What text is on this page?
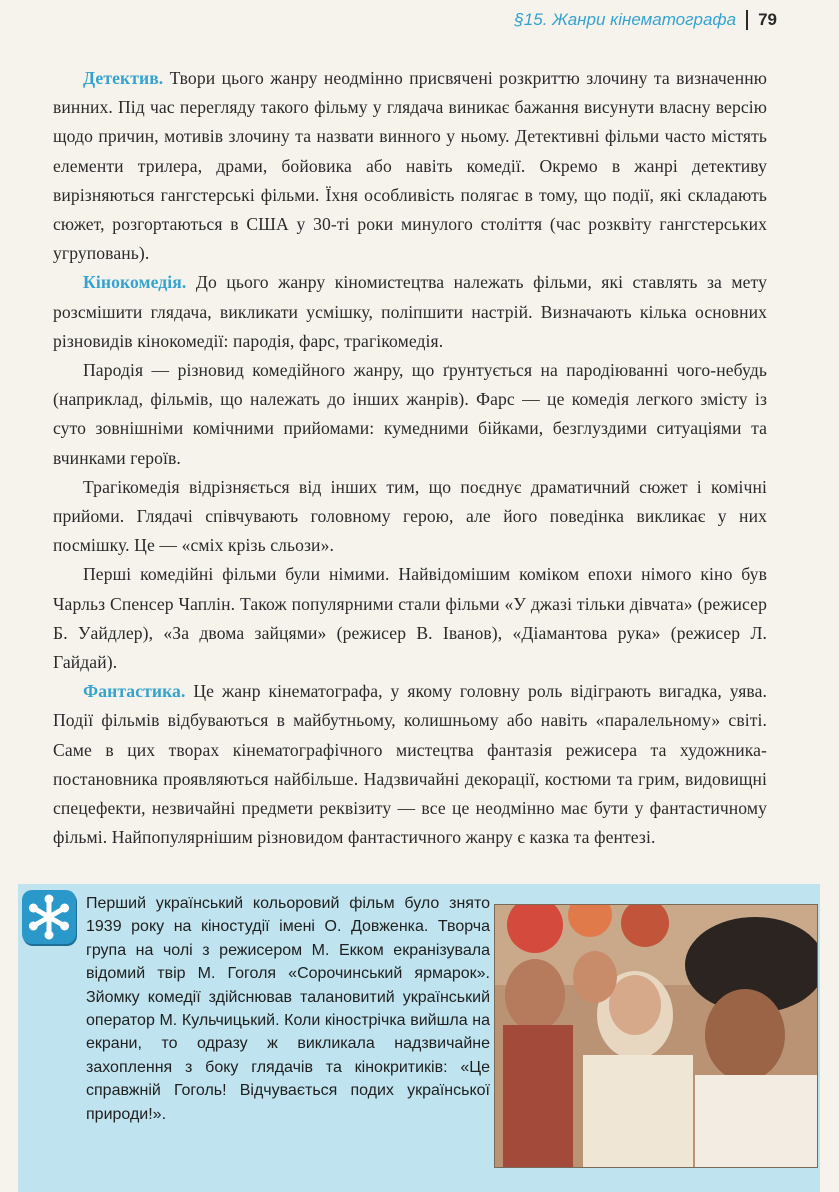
§15. Жанри кінематографа 79

Детектив. Твори цього жанру неодмінно присвячені розкриттю злочину та визначенню винних. Під час перегляду такого фільму у глядача виникає бажання висунути власну версію щодо причин, мотивів злочину та назвати винного у ньому. Детективні фільми часто містять елементи трилера, драми, бойовика або навіть комедії. Окремо в жанрі детективу вирізняються гангстерські фільми. Їхня особливість полягає в тому, що події, які складають сюжет, розгортаються в США у 30-ті роки минулого століття (час розквіту гангстерських угруповань).

Кінокомедія. До цього жанру кіномистецтва належать фільми, які ставлять за мету розсмішити глядача, викликати усмішку, поліпшити настрій. Визначають кілька основних різновидів кінокомедії: пародія, фарс, трагікомедія.

Пародія — різновид комедійного жанру, що ґрунтується на пародіюванні чого-небудь (наприклад, фільмів, що належать до інших жанрів). Фарс — це комедія легкого змісту із суто зовнішніми комічними прийомами: кумедними бійками, безглуздими ситуаціями та вчинками героїв.

Трагікомедія відрізняється від інших тим, що поєднує драматичний сюжет і комічні прийоми. Глядачі співчувають головному герою, але його поведінка викликає у них посмішку. Це — «сміх крізь сльози».

Перші комедійні фільми були німими. Найвідомішим коміком епохи німого кіно був Чарльз Спенсер Чаплін. Також популярними стали фільми «У джазі тільки дівчата» (режисер Б. Уайдлер), «За двома зайцями» (режисер В. Іванов), «Діамантова рука» (режисер Л. Гайдай).

Фантастика. Це жанр кінематографа, у якому головну роль відіграють вигадка, уява. Події фільмів відбуваються в майбутньому, колишньому або навіть «паралельному» світі. Саме в цих творах кінематографічного мистецтва фантазія режисера та художника-постановника проявляються найбільше. Надзвичайні декорації, костюми та грим, видовищні спецефекти, незвичайні предмети реквізиту — все це неодмінно має бути у фантастичному фільмі. Найпопулярнішим різновидом фантастичного жанру є казка та фентезі.

Перший український кольоровий фільм було знято 1939 року на кіностудії імені О. Довженка. Творча група на чолі з режисером М. Екком екранізувала відомий твір М. Гоголя «Сорочинський ярмарок». Зйомку комедії здійснював талановитий український оператор М. Кульчицький. Коли кінострічка вийшла на екрани, то одразу ж викликала надзвичайне захоплення з боку глядачів та кінокритиків: «Це справжній Гоголь! Відчувається подих української природи!».
